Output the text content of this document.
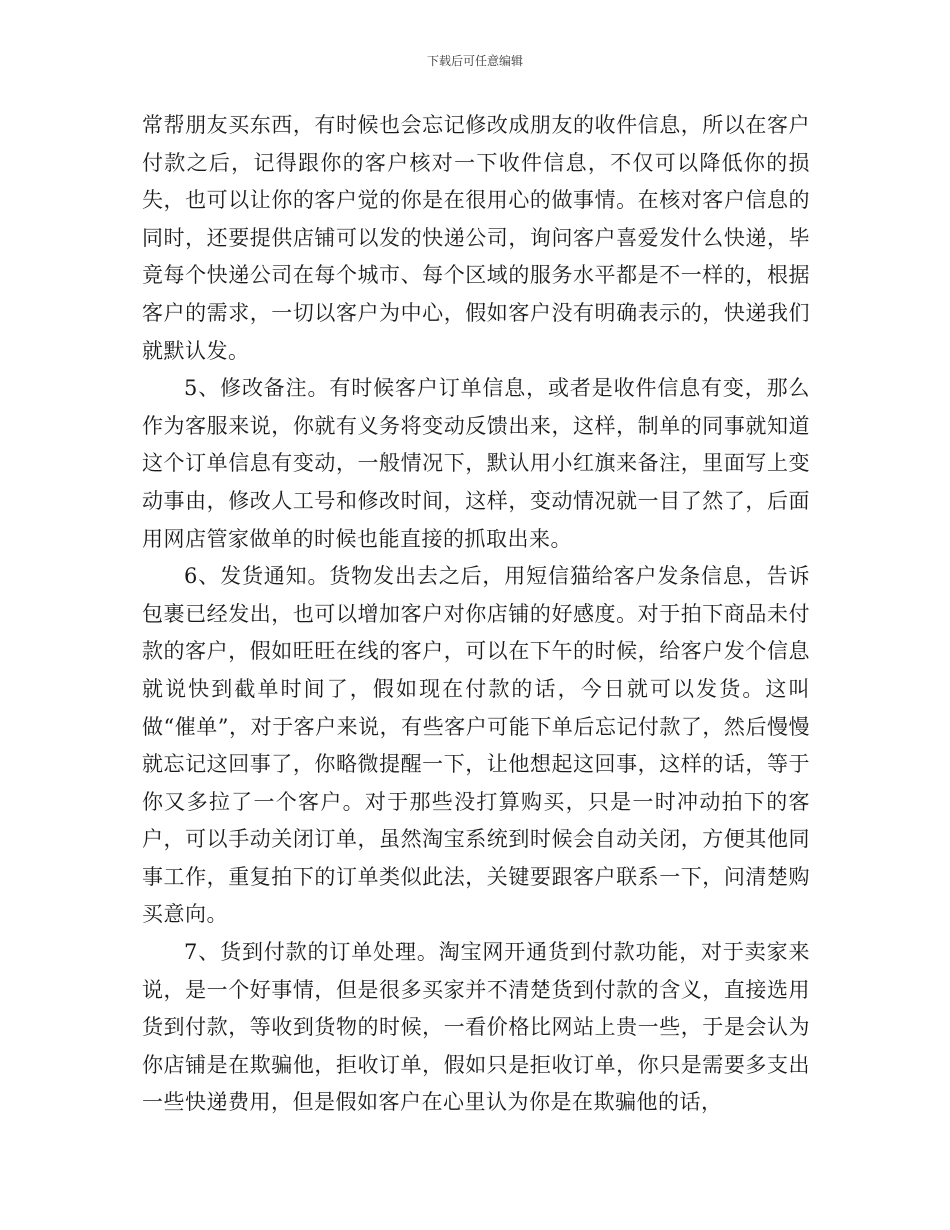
下载后可任意编辑

常帮朋友买东西，有时候也会忘记修改成朋友的收件信息，所以在客户付款之后，记得跟你的客户核对一下收件信息，不仅可以降低你的损失，也可以让你的客户觉的你是在很用心的做事情。在核对客户信息的同时，还要提供店铺可以发的快递公司，询问客户喜爱发什么快递，毕竟每个快递公司在每个城市、每个区域的服务水平都是不一样的，根据客户的需求，一切以客户为中心，假如客户没有明确表示的，快递我们就默认发。

5、修改备注。有时候客户订单信息，或者是收件信息有变，那么作为客服来说，你就有义务将变动反馈出来，这样，制单的同事就知道这个订单信息有变动，一般情况下，默认用小红旗来备注，里面写上变动事由，修改人工号和修改时间，这样，变动情况就一目了然了，后面用网店管家做单的时候也能直接的抓取出来。

6、发货通知。货物发出去之后，用短信猫给客户发条信息，告诉包裹已经发出，也可以增加客户对你店铺的好感度。对于拍下商品未付款的客户，假如旺旺在线的客户，可以在下午的时候，给客户发个信息就说快到截单时间了，假如现在付款的话，今日就可以发货。这叫做“催单”，对于客户来说，有些客户可能下单后忘记付款了，然后慢慢就忘记这回事了，你略微提醒一下，让他想起这回事，这样的话，等于你又多拉了一个客户。对于那些没打算购买，只是一时冲动拍下的客户，可以手动关闭订单，虽然淘宝系统到时候会自动关闭，方便其他同事工作，重复拍下的订单类似此法，关键要跟客户联系一下，问清楚购买意向。

7、货到付款的订单处理。淘宝网开通货到付款功能，对于卖家来说，是一个好事情，但是很多买家并不清楚货到付款的含义，直接选用货到付款，等收到货物的时候，一看价格比网站上贵一些，于是会认为你店铺是在欺骗他，拒收订单，假如只是拒收订单，你只是需要多支出一些快递费用，但是假如客户在心里认为你是在欺骗他的话，
